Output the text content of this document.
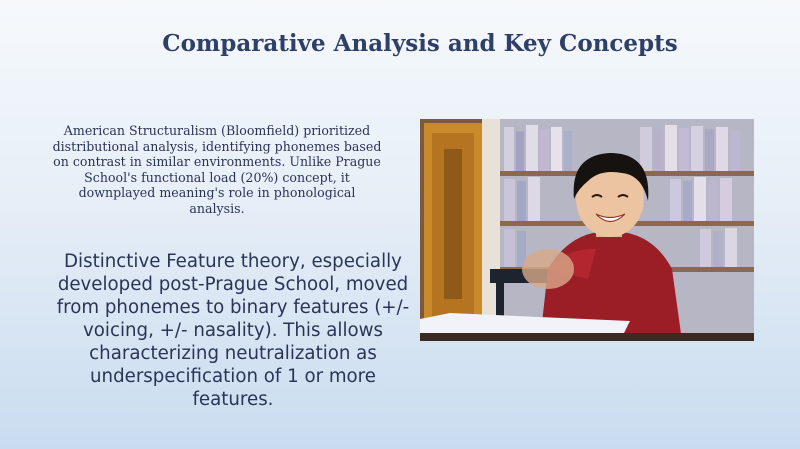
Comparative Analysis and Key Concepts
American Structuralism (Bloomfield) prioritized distributional analysis, identifying phonemes based on contrast in similar environments. Unlike Prague School's functional load (20%) concept, it downplayed meaning's role in phonological analysis.
Distinctive Feature theory, especially developed post-Prague School, moved from phonemes to binary features (+/- voicing, +/- nasality). This allows characterizing neutralization as underspecification of 1 or more features.
